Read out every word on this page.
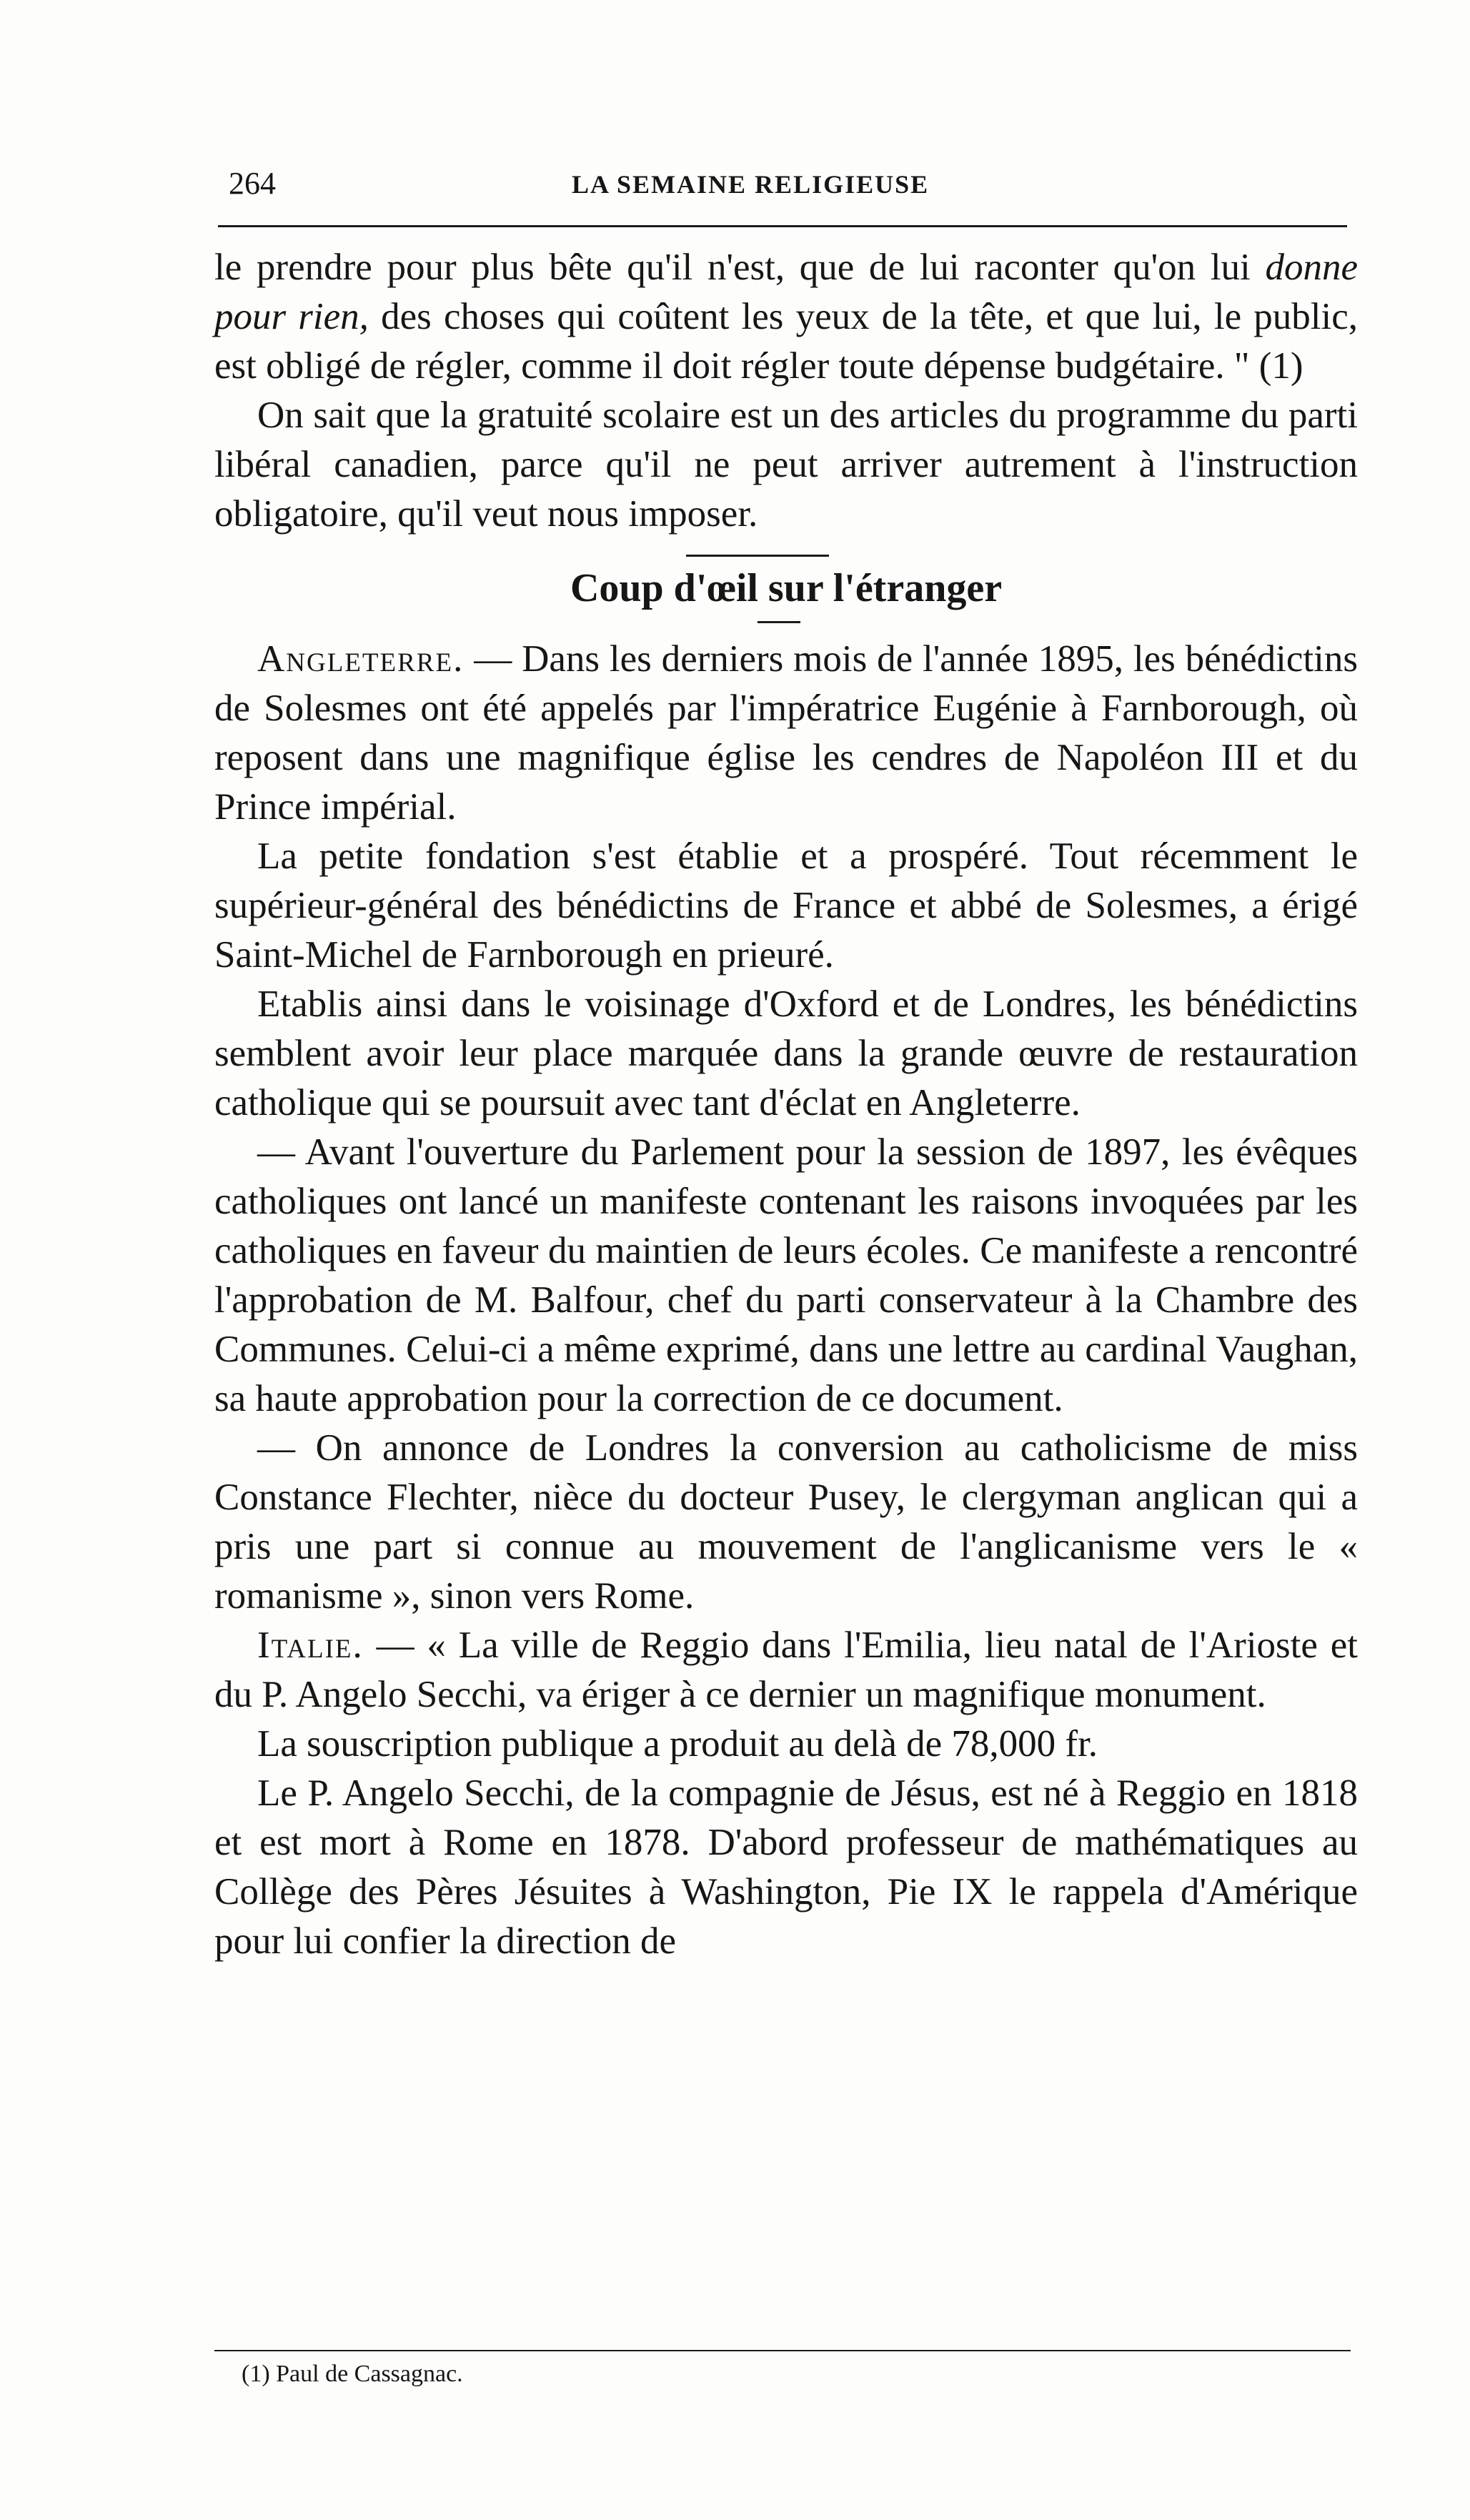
264	LA SEMAINE RELIGIEUSE

le prendre pour plus bête qu'il n'est, que de lui raconter qu'on lui donne pour rien, des choses qui coûtent les yeux de la tête, et que lui, le public, est obligé de régler, comme il doit régler toute dépense budgétaire. " (1)

On sait que la gratuité scolaire est un des articles du programme du parti libéral canadien, parce qu'il ne peut arriver autrement à l'instruction obligatoire, qu'il veut nous imposer.

Coup d'œil sur l'étranger

Angleterre. — Dans les derniers mois de l'année 1895, les bénédictins de Solesmes ont été appelés par l'impératrice Eugénie à Farnborough, où reposent dans une magnifique église les cendres de Napoléon III et du Prince impérial.

La petite fondation s'est établie et a prospéré. Tout récemment le supérieur-général des bénédictins de France et abbé de Solesmes, a érigé Saint-Michel de Farnborough en prieuré.

Etablis ainsi dans le voisinage d'Oxford et de Londres, les bénédictins semblent avoir leur place marquée dans la grande œuvre de restauration catholique qui se poursuit avec tant d'éclat en Angleterre.

— Avant l'ouverture du Parlement pour la session de 1897, les évêques catholiques ont lancé un manifeste contenant les raisons invoquées par les catholiques en faveur du maintien de leurs écoles. Ce manifeste a rencontré l'approbation de M. Balfour, chef du parti conservateur à la Chambre des Communes. Celui-ci a même exprimé, dans une lettre au cardinal Vaughan, sa haute approbation pour la correction de ce document.

— On annonce de Londres la conversion au catholicisme de miss Constance Flechter, nièce du docteur Pusey, le clergyman anglican qui a pris une part si connue au mouvement de l'anglicanisme vers le « romanisme », sinon vers Rome.

Italie. — « La ville de Reggio dans l'Emilia, lieu natal de l'Arioste et du P. Angelo Secchi, va ériger à ce dernier un magnifique monument.

La souscription publique a produit au delà de 78,000 fr.

Le P. Angelo Secchi, de la compagnie de Jésus, est né à Reggio en 1818 et est mort à Rome en 1878. D'abord professeur de mathématiques au Collège des Pères Jésuites à Washington, Pie IX le rappela d'Amérique pour lui confier la direction de

(1) Paul de Cassagnac.
